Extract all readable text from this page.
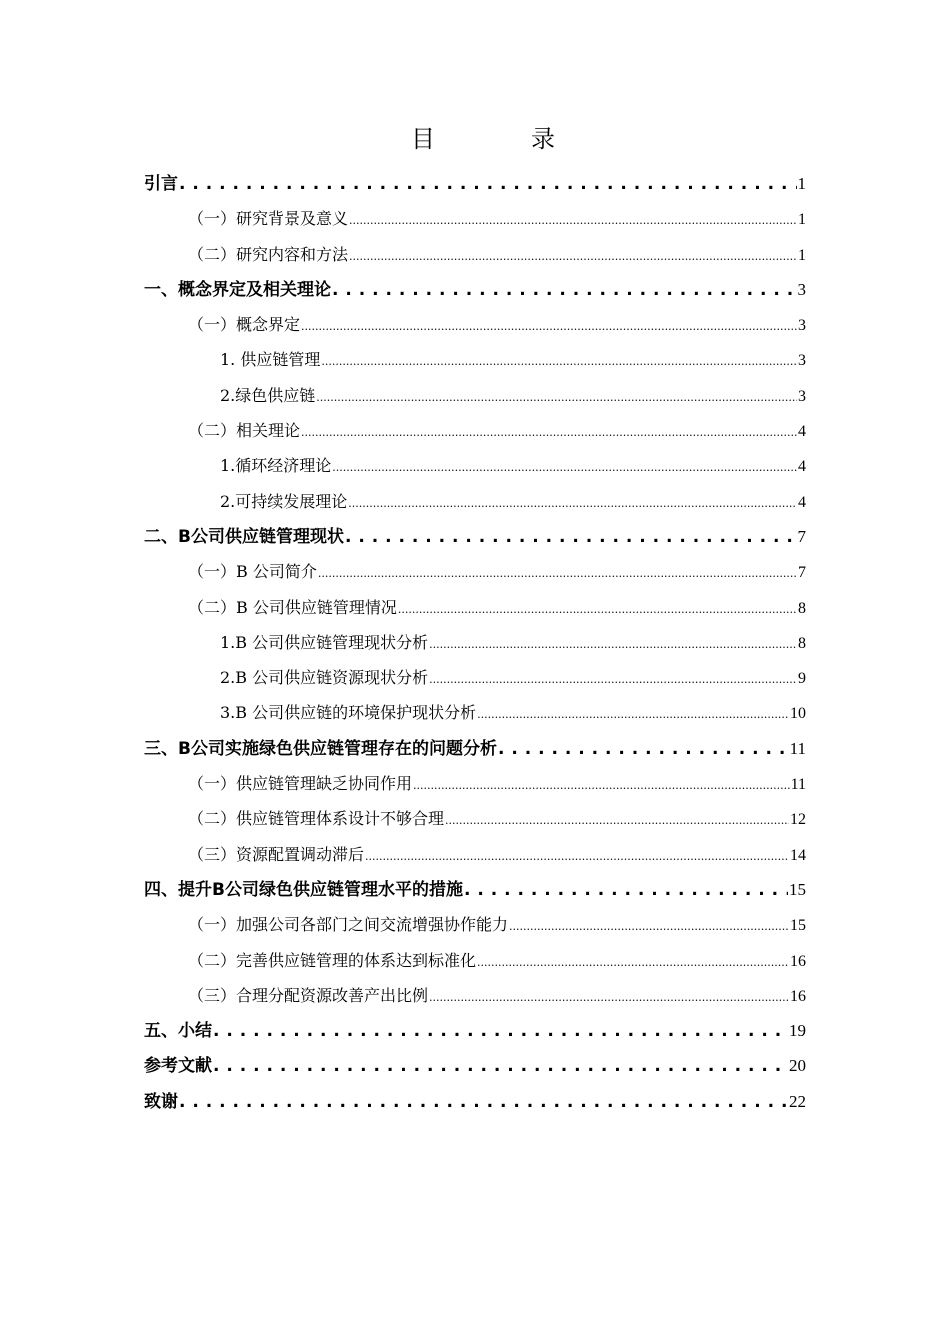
目　录
引言 . . .	1
（一）研究背景及意义 .....	1
（二）研究内容和方法 .....	1
一、概念界定及相关理论 . . .	3
（一）概念界定 .....	3
1. 供应链管理 .....	3
2.绿色供应链 .....	3
（二）相关理论 .....	4
1.循环经济理论 .....	4
2.可持续发展理论 .....	4
二、B公司供应链管理现状 . . .	7
（一）B 公司简介 .....	7
（二）B 公司供应链管理情况 .....	8
1.B 公司供应链管理现状分析 .....	8
2.B 公司供应链资源现状分析 .....	9
3.B 公司供应链的环境保护现状分析 .....	10
三、B公司实施绿色供应链管理存在的问题分析 . . .	11
（一）供应链管理缺乏协同作用 .....	11
（二）供应链管理体系设计不够合理 .....	12
（三）资源配置调动滞后 .....	14
四、提升B公司绿色供应链管理水平的措施 . . .	15
（一）加强公司各部门之间交流增强协作能力 .....	15
（二）完善供应链管理的体系达到标准化 .....	16
（三）合理分配资源改善产出比例 .....	16
五、小结 . . .	19
参考文献 . . .	20
致谢 . . .	22
